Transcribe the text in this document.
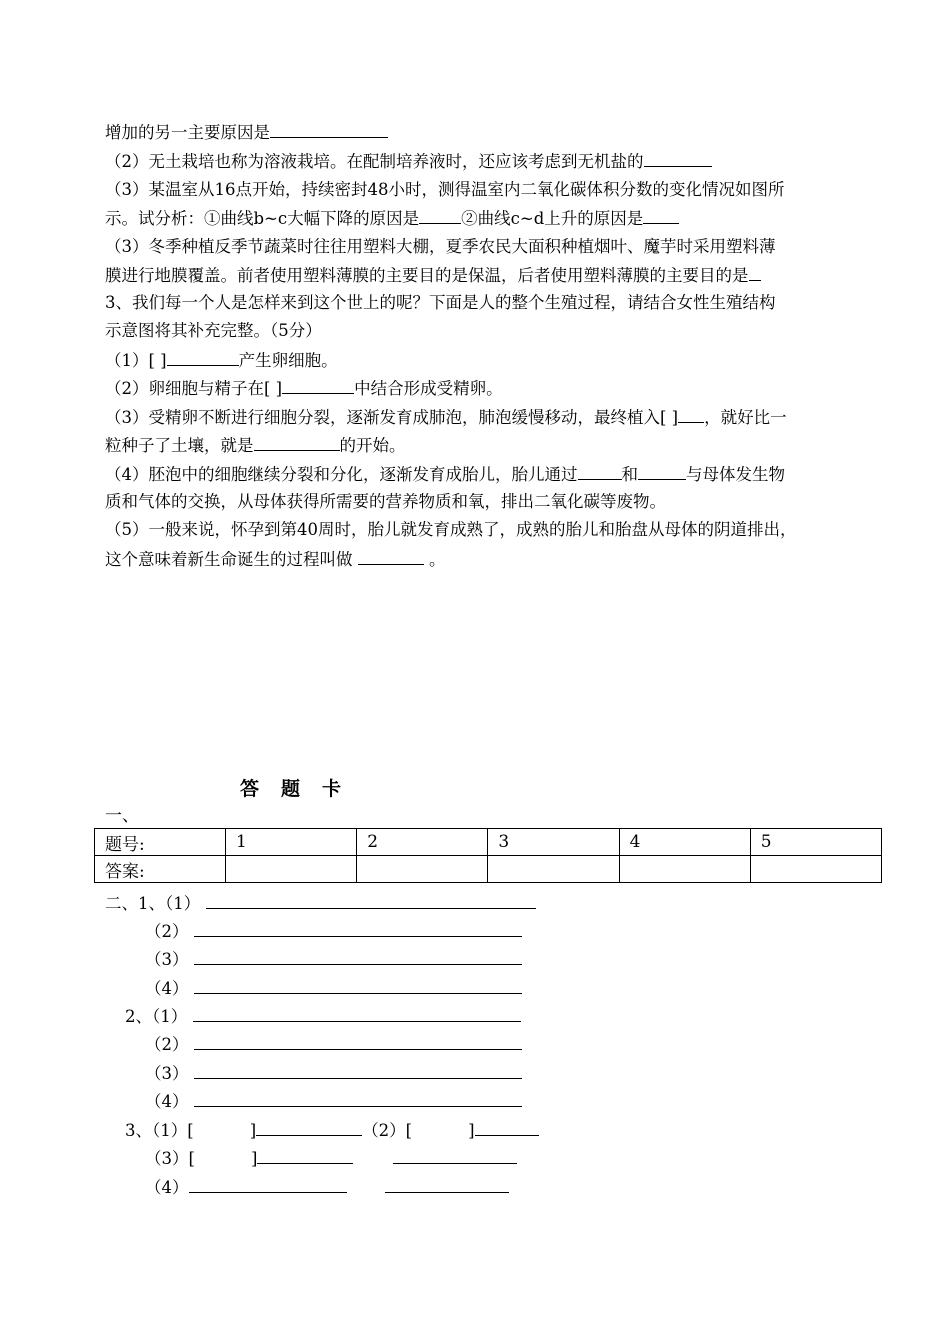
增加的另一主要原因是
（2）无土栽培也称为溶液栽培。在配制培养液时，还应该考虑到无机盐的
（3）某温室从16点开始，持续密封48小时，测得温室内二氧化碳体积分数的变化情况如图所
示。试分析：①曲线b~c大幅下降的原因是	②曲线c~d上升的原因是
（3）冬季种植反季节蔬菜时往往用塑料大棚，夏季农民大面积种植烟叶、魔芋时采用塑料薄
膜进行地膜覆盖。前者使用塑料薄膜的主要目的是保温，后者使用塑料薄膜的主要目的是
3、我们每一个人是怎样来到这个世上的呢？下面是人的整个生殖过程，请结合女性生殖结构
示意图将其补充完整。（5分）
（1）[ ]	产生卵细胞。
（2）卵细胞与精子在[ ]	中结合形成受精卵。
（3）受精卵不断进行细胞分裂，逐渐发育成肺泡，肺泡缓慢移动，最终植入[ ] ，就好比一
粒种子了土壤，就是	的开始。
（4）胚泡中的细胞继续分裂和分化，逐渐发育成胎儿，胎儿通过	和	与母体发生物
质和气体的交换，从母体获得所需要的营养物质和氧，排出二氧化碳等废物。
（5）一般来说，怀孕到第40周时，胎儿就发育成熟了，成熟的胎儿和胎盘从母体的阴道排出，
这个意味着新生命诞生的过程叫做	。
答题卡
一、
题号:	1	2	3	4	5
答案:					
二、1、（1）
（2）
（3）
（4）
2、（1）
（2）
（3）
（4）
3、（1）[	]	（2）[	]
（3）[	]
（4）
